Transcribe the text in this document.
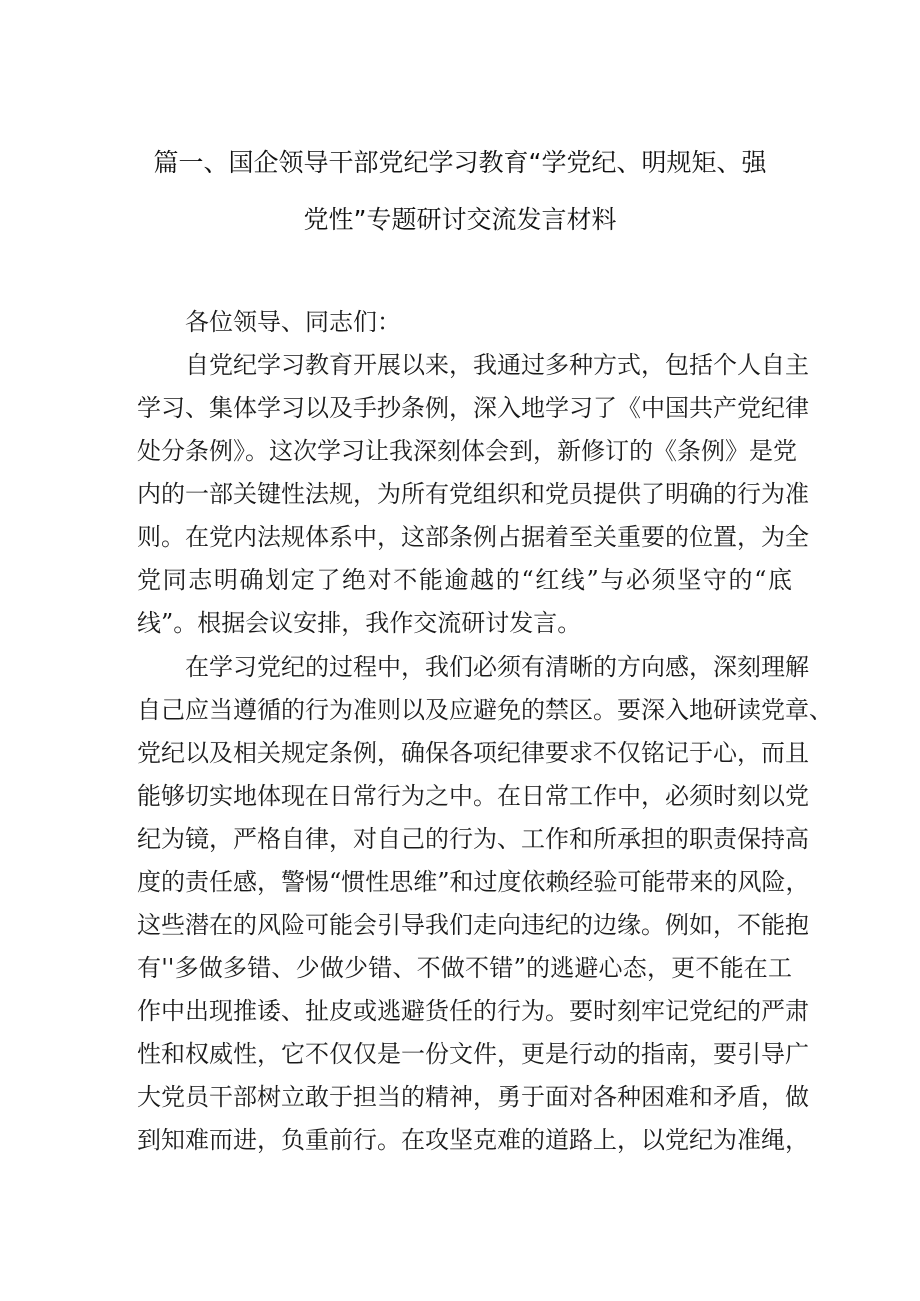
篇一、国企领导干部党纪学习教育“学党纪、明规矩、强

党性”专题研讨交流发言材料

各位领导、同志们：

自党纪学习教育开展以来，我通过多种方式，包括个人自主

学习、集体学习以及手抄条例，深入地学习了《中国共产党纪律

处分条例》。这次学习让我深刻体会到，新修订的《条例》是党

内的一部关键性法规，为所有党组织和党员提供了明确的行为准

则。在党内法规体系中，这部条例占据着至关重要的位置，为全

党同志明确划定了绝对不能逾越的“红线”与必须坚守的“底

线”。根据会议安排，我作交流研讨发言。

在学习党纪的过程中，我们必须有清晰的方向感，深刻理解

自己应当遵循的行为准则以及应避免的禁区。要深入地研读党章、

党纪以及相关规定条例，确保各项纪律要求不仅铭记于心，而且

能够切实地体现在日常行为之中。在日常工作中，必须时刻以党

纪为镜，严格自律，对自己的行为、工作和所承担的职责保持高

度的责任感，警惕“惯性思维”和过度依赖经验可能带来的风险，

这些潜在的风险可能会引导我们走向违纪的边缘。例如，不能抱

有''多做多错、少做少错、不做不错”的逃避心态，更不能在工

作中出现推诿、扯皮或逃避货任的行为。要时刻牢记党纪的严肃

性和权威性，它不仅仅是一份文件，更是行动的指南，要引导广

大党员干部树立敢于担当的精神，勇于面对各种困难和矛盾，做

到知难而进，负重前行。在攻坚克难的道路上，以党纪为准绳，
